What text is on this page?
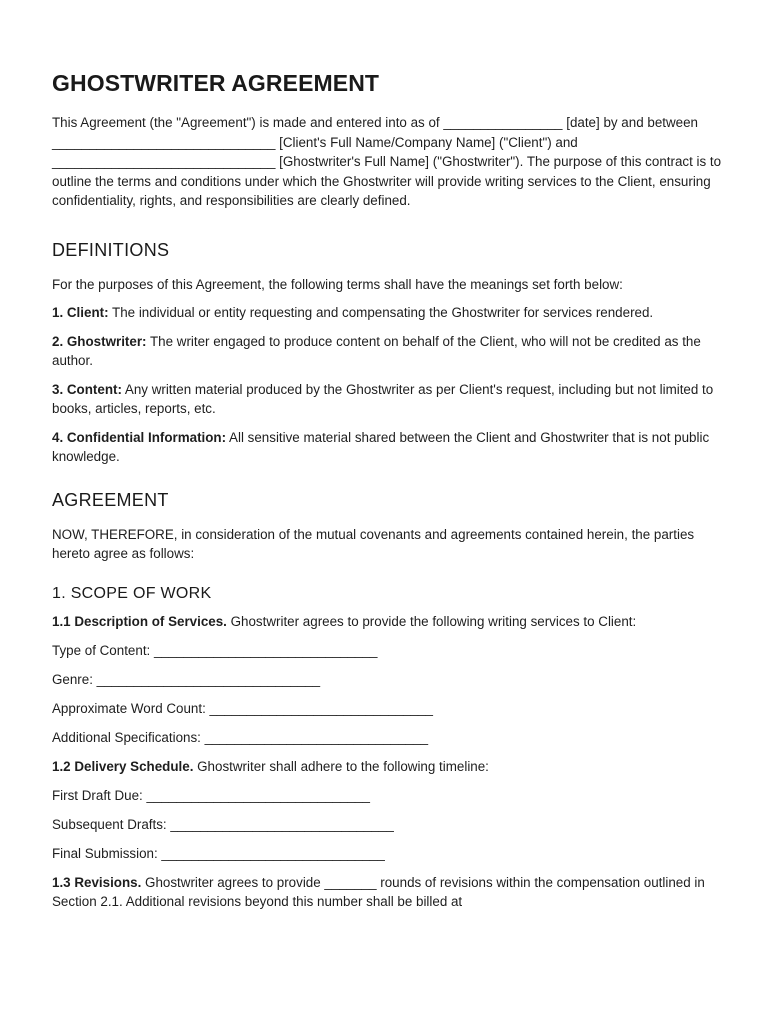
GHOSTWRITER AGREEMENT

This Agreement (the "Agreement") is made and entered into as of ________________ [date] by and between ______________________________ [Client's Full Name/Company Name] ("Client") and ______________________________ [Ghostwriter's Full Name] ("Ghostwriter"). The purpose of this contract is to outline the terms and conditions under which the Ghostwriter will provide writing services to the Client, ensuring confidentiality, rights, and responsibilities are clearly defined.

DEFINITIONS

For the purposes of this Agreement, the following terms shall have the meanings set forth below:

1. Client: The individual or entity requesting and compensating the Ghostwriter for services rendered.

2. Ghostwriter: The writer engaged to produce content on behalf of the Client, who will not be credited as the author.

3. Content: Any written material produced by the Ghostwriter as per Client's request, including but not limited to books, articles, reports, etc.

4. Confidential Information: All sensitive material shared between the Client and Ghostwriter that is not public knowledge.

AGREEMENT

NOW, THEREFORE, in consideration of the mutual covenants and agreements contained herein, the parties hereto agree as follows:

1. SCOPE OF WORK

1.1 Description of Services. Ghostwriter agrees to provide the following writing services to Client:

Type of Content: ______________________________

Genre: ______________________________

Approximate Word Count: ______________________________

Additional Specifications: ______________________________

1.2 Delivery Schedule. Ghostwriter shall adhere to the following timeline:

First Draft Due: ______________________________

Subsequent Drafts: ______________________________

Final Submission: ______________________________

1.3 Revisions. Ghostwriter agrees to provide _______ rounds of revisions within the compensation outlined in Section 2.1. Additional revisions beyond this number shall be billed at
